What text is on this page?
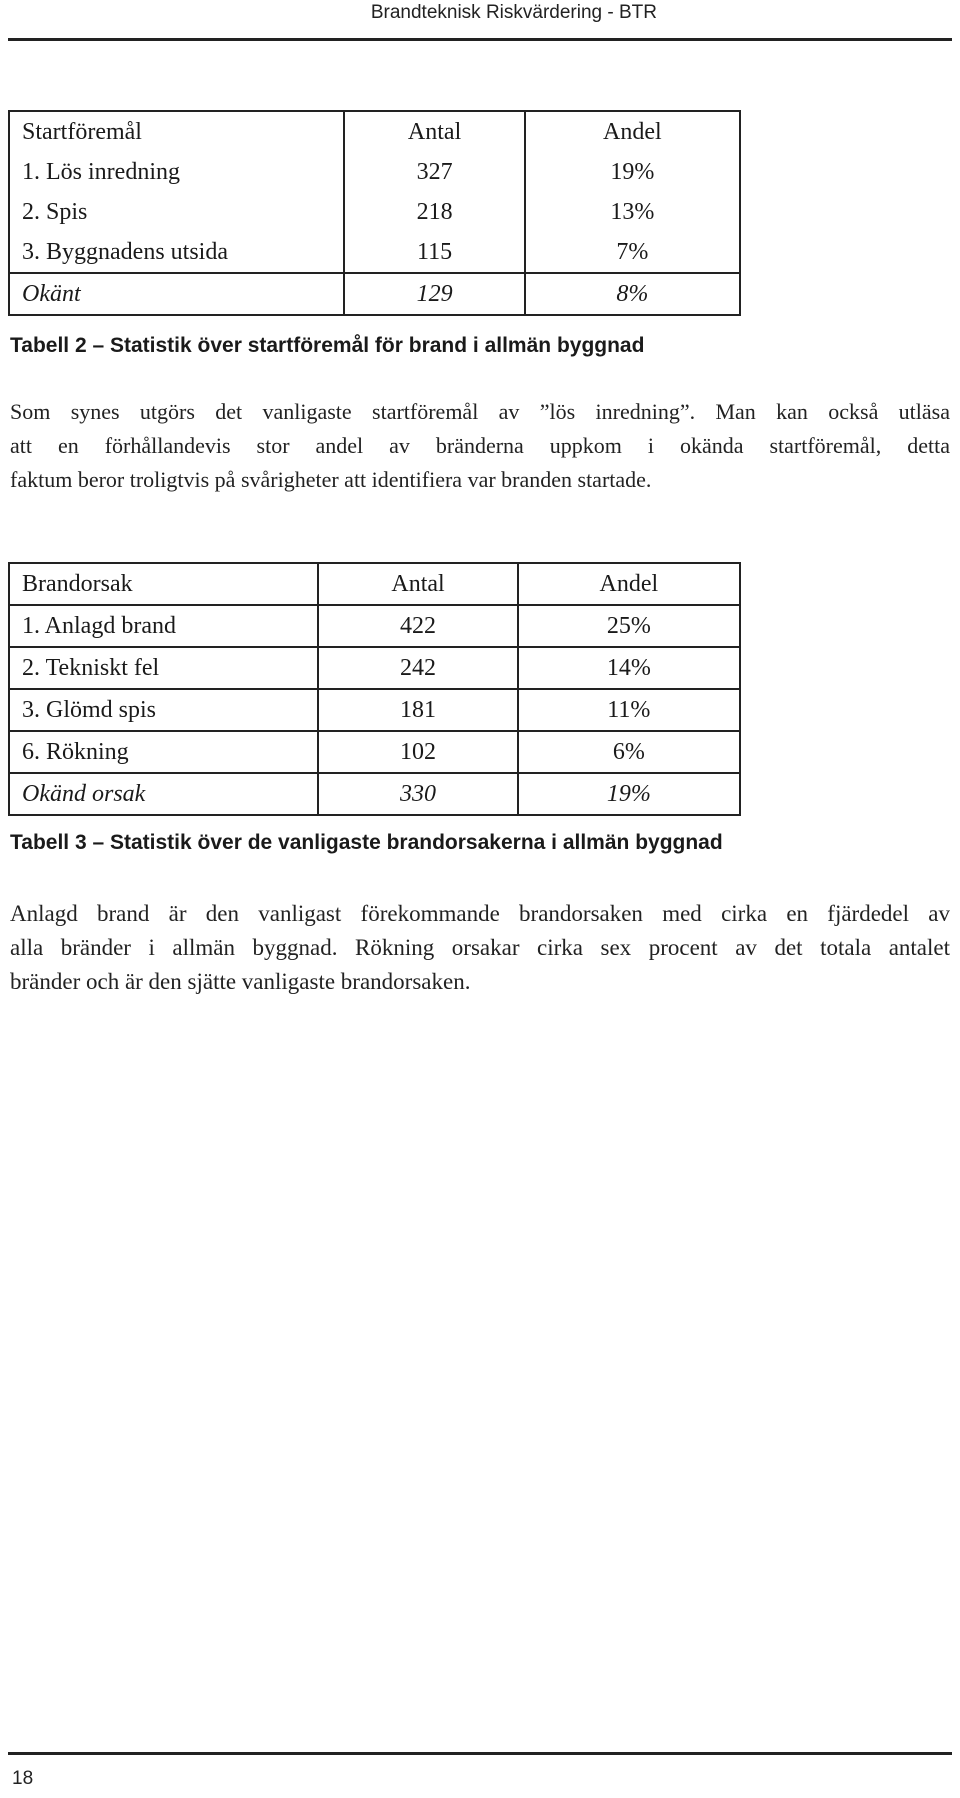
Brandteknisk Riskvärdering - BTR
Startföremål	Antal	Andel
1. Lös inredning	327	19%
2. Spis	218	13%
3. Byggnadens utsida	115	7%
Okänt	129	8%
Tabell 2 – Statistik över startföremål för brand i allmän byggnad
Som synes utgörs det vanligaste startföremål av ”lös inredning”. Man kan också utläsa
att en förhållandevis stor andel av bränderna uppkom i okända startföremål, detta
faktum beror troligtvis på svårigheter att identifiera var branden startade.
Brandorsak	Antal	Andel
1. Anlagd brand	422	25%
2. Tekniskt fel	242	14%
3. Glömd spis	181	11%
6. Rökning	102	6%
Okänd orsak	330	19%
Tabell 3 – Statistik över de vanligaste brandorsakerna i allmän byggnad
Anlagd brand är den vanligast förekommande brandorsaken med cirka en fjärdedel av
alla bränder i allmän byggnad. Rökning orsakar cirka sex procent av det totala antalet
bränder och är den sjätte vanligaste brandorsaken.
18
